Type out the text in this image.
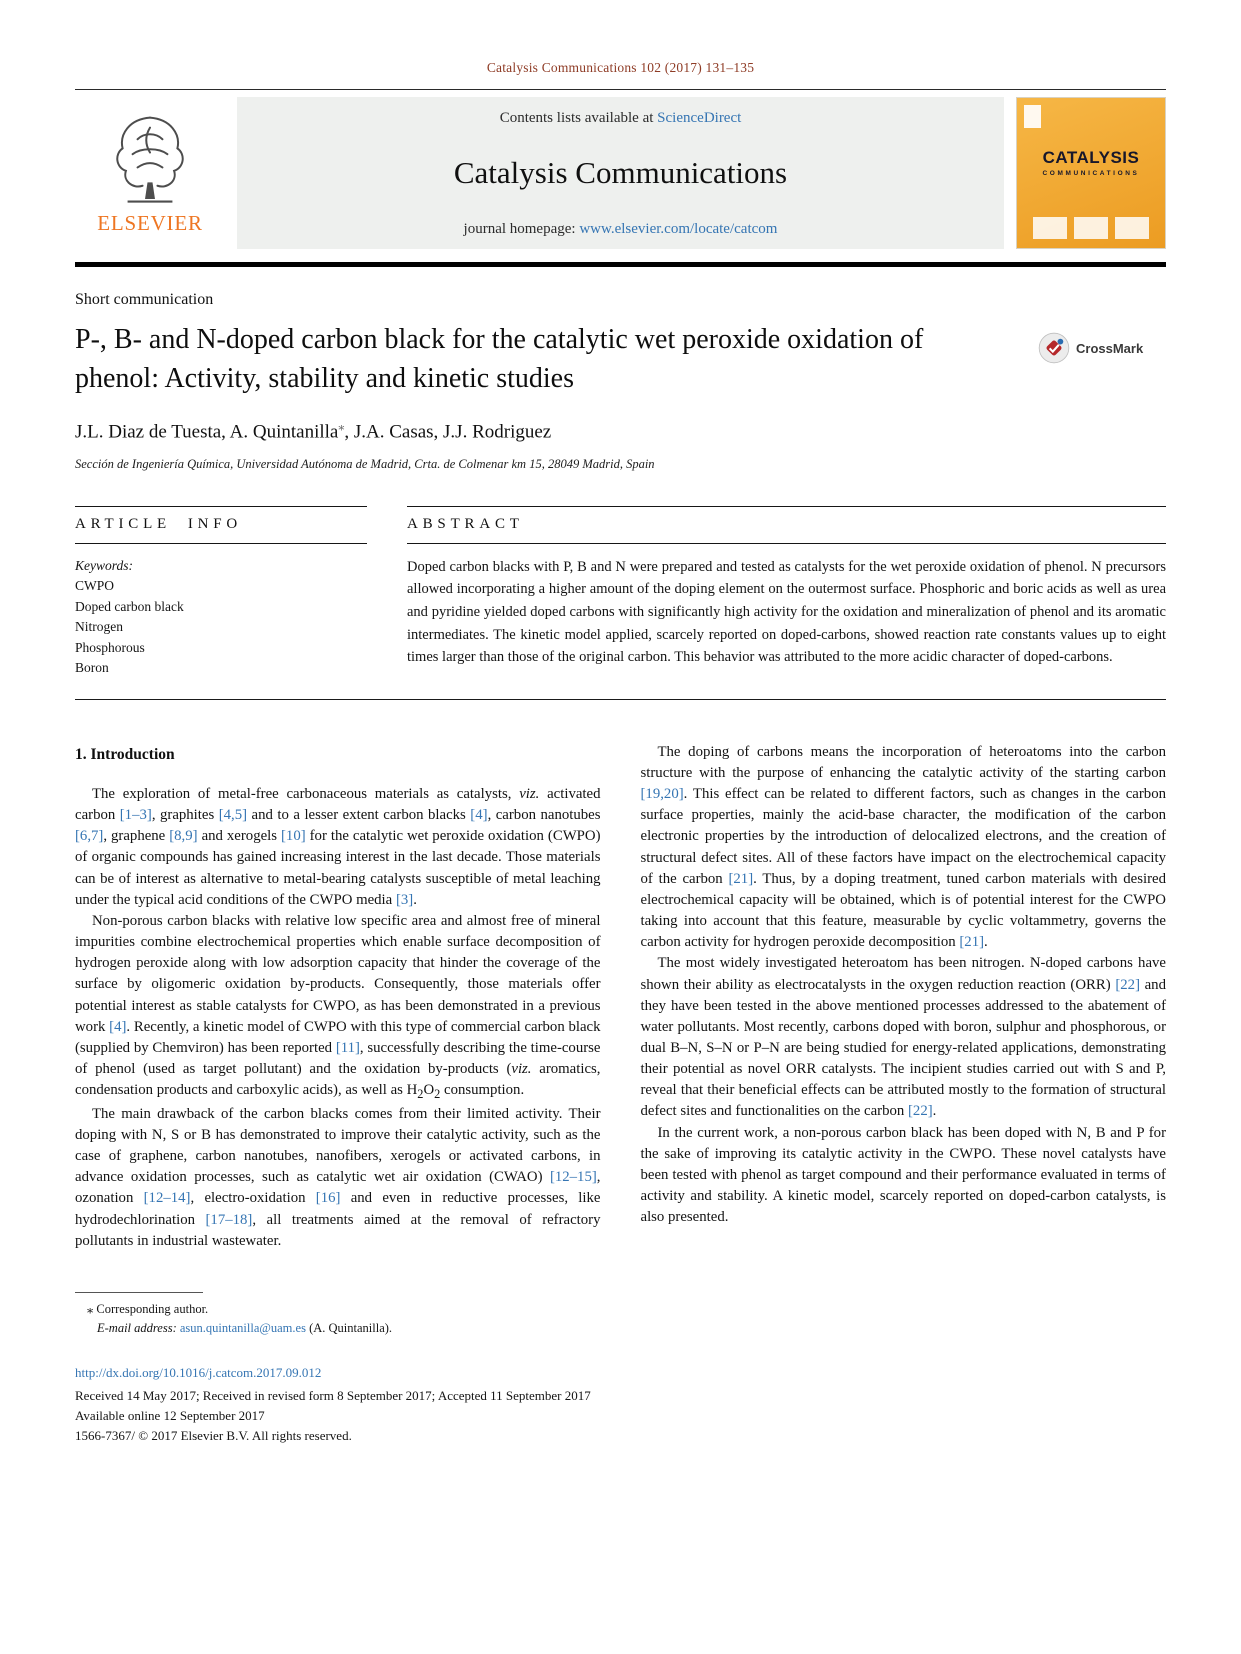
Catalysis Communications 102 (2017) 131–135
ELSEVIER
Contents lists available at ScienceDirect
Catalysis Communications
journal homepage: www.elsevier.com/locate/catcom
CATALYSIS
COMMUNICATIONS
Short communication
P-, B- and N-doped carbon black for the catalytic wet peroxide oxidation of phenol: Activity, stability and kinetic studies
CrossMark
J.L. Diaz de Tuesta, A. Quintanilla⁎, J.A. Casas, J.J. Rodriguez
Sección de Ingeniería Química, Universidad Autónoma de Madrid, Crta. de Colmenar km 15, 28049 Madrid, Spain
ARTICLE INFO
Keywords:
CWPO
Doped carbon black
Nitrogen
Phosphorous
Boron
ABSTRACT

Doped carbon blacks with P, B and N were prepared and tested as catalysts for the wet peroxide oxidation of phenol. N precursors allowed incorporating a higher amount of the doping element on the outermost surface. Phosphoric and boric acids as well as urea and pyridine yielded doped carbons with significantly high activity for the oxidation and mineralization of phenol and its aromatic intermediates. The kinetic model applied, scarcely reported on doped-carbons, showed reaction rate constants values up to eight times larger than those of the original carbon. This behavior was attributed to the more acidic character of doped-carbons.

1. Introduction

The exploration of metal-free carbonaceous materials as catalysts, viz. activated carbon [1–3], graphites [4,5] and to a lesser extent carbon blacks [4], carbon nanotubes [6,7], graphene [8,9] and xerogels [10] for the catalytic wet peroxide oxidation (CWPO) of organic compounds has gained increasing interest in the last decade. Those materials can be of interest as alternative to metal-bearing catalysts susceptible of metal leaching under the typical acid conditions of the CWPO media [3].

Non-porous carbon blacks with relative low specific area and almost free of mineral impurities combine electrochemical properties which enable surface decomposition of hydrogen peroxide along with low adsorption capacity that hinder the coverage of the surface by oligomeric oxidation by-products. Consequently, those materials offer potential interest as stable catalysts for CWPO, as has been demonstrated in a previous work [4]. Recently, a kinetic model of CWPO with this type of commercial carbon black (supplied by Chemviron) has been reported [11], successfully describing the time-course of phenol (used as target pollutant) and the oxidation by-products (viz. aromatics, condensation products and carboxylic acids), as well as $H_2O_2$ consumption.

The main drawback of the carbon blacks comes from their limited activity. Their doping with N, S or B has demonstrated to improve their catalytic activity, such as the case of graphene, carbon nanotubes, nanofibers, xerogels or activated carbons, in advance oxidation processes, such as catalytic wet air oxidation (CWAO) [12–15], ozonation [12–14], electro-oxidation [16] and even in reductive processes, like hydrodechlorination [17–18], all treatments aimed at the removal of refractory pollutants in industrial wastewater.

The doping of carbons means the incorporation of heteroatoms into the carbon structure with the purpose of enhancing the catalytic activity of the starting carbon [19,20]. This effect can be related to different factors, such as changes in the carbon surface properties, mainly the acid-base character, the modification of the carbon electronic properties by the introduction of delocalized electrons, and the creation of structural defect sites. All of these factors have impact on the electrochemical capacity of the carbon [21]. Thus, by a doping treatment, tuned carbon materials with desired electrochemical capacity will be obtained, which is of potential interest for the CWPO taking into account that this feature, measurable by cyclic voltammetry, governs the carbon activity for hydrogen peroxide decomposition [21].

The most widely investigated heteroatom has been nitrogen. N-doped carbons have shown their ability as electrocatalysts in the oxygen reduction reaction (ORR) [22] and they have been tested in the above mentioned processes addressed to the abatement of water pollutants. Most recently, carbons doped with boron, sulphur and phosphorous, or dual B–N, S–N or P–N are being studied for energy-related applications, demonstrating their potential as novel ORR catalysts. The incipient studies carried out with S and P, reveal that their beneficial effects can be attributed mostly to the formation of structural defect sites and functionalities on the carbon [22].

In the current work, a non-porous carbon black has been doped with N, B and P for the sake of improving its catalytic activity in the CWPO. These novel catalysts have been tested with phenol as target compound and their performance evaluated in terms of activity and stability. A kinetic model, scarcely reported on doped-carbon catalysts, is also presented.

⁎ Corresponding author.
E-mail address: asun.quintanilla@uam.es (A. Quintanilla).
http://dx.doi.org/10.1016/j.catcom.2017.09.012
Received 14 May 2017; Received in revised form 8 September 2017; Accepted 11 September 2017
Available online 12 September 2017
1566-7367/ © 2017 Elsevier B.V. All rights reserved.
